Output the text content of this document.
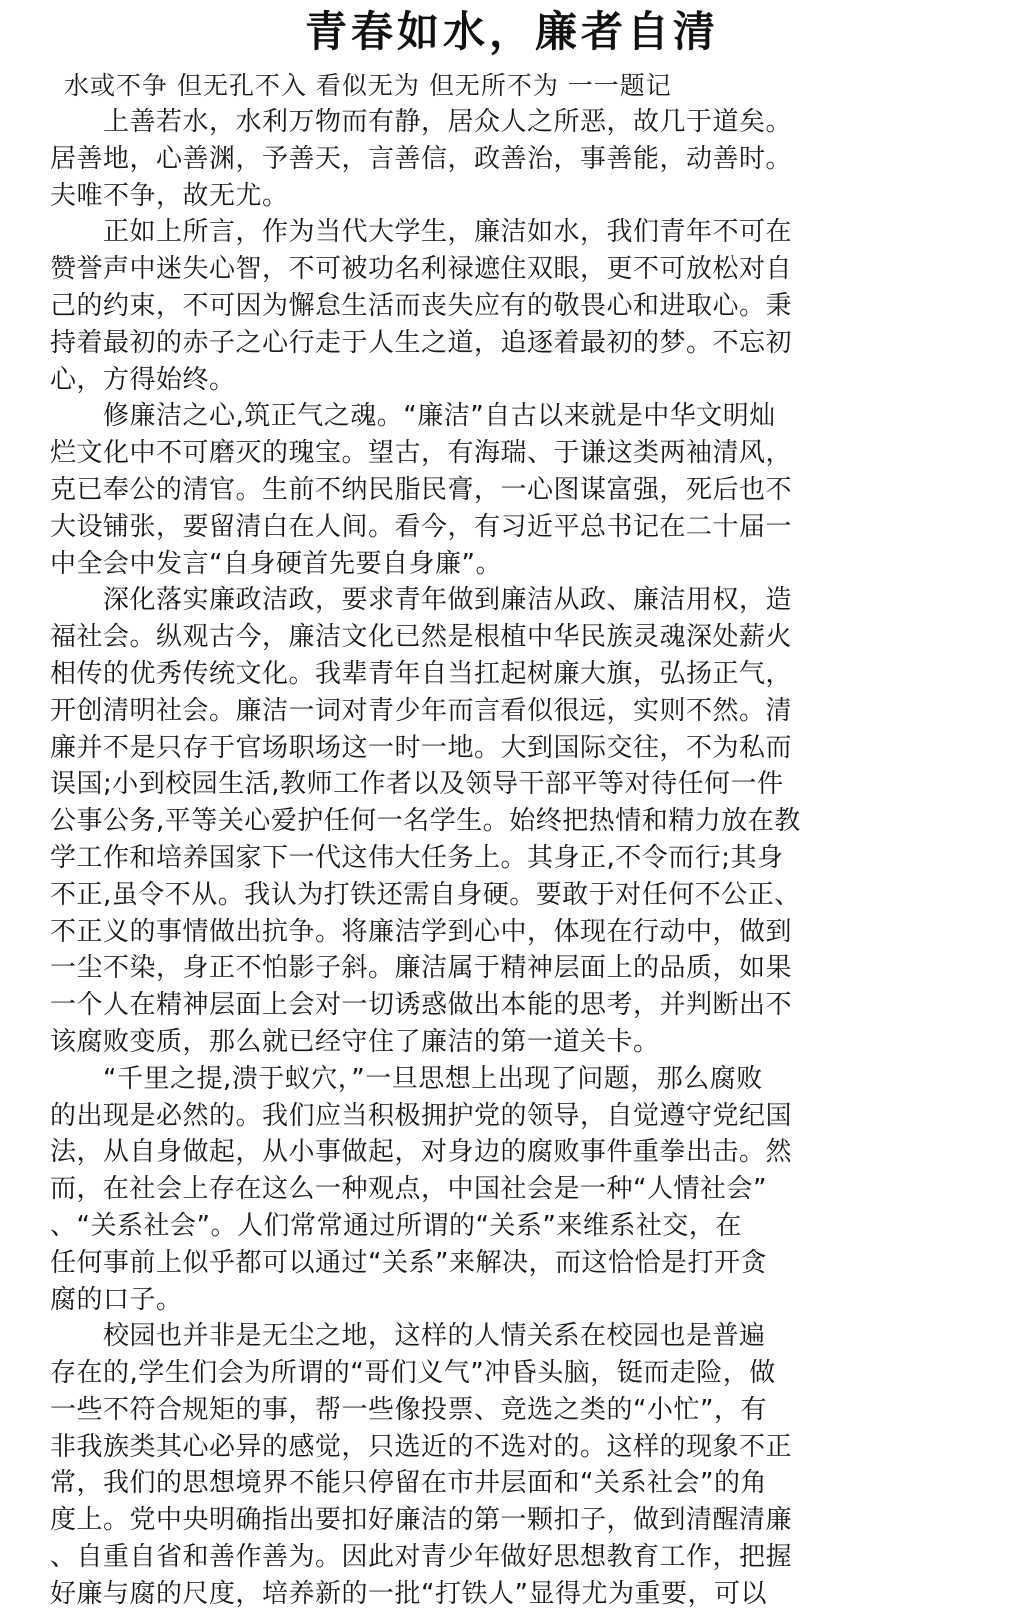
青春如水，廉者自清

水或不争 但无孔不入 看似无为 但无所不为 一一题记

　　上善若水，水利万物而有静，居众人之所恶，故几于道矣。
居善地，心善渊，予善天，言善信，政善治，事善能，动善时。
夫唯不争，故无尤。
　　正如上所言，作为当代大学生，廉洁如水，我们青年不可在
赞誉声中迷失心智，不可被功名利禄遮住双眼，更不可放松对自
己的约束，不可因为懈怠生活而丧失应有的敬畏心和进取心。秉
持着最初的赤子之心行走于人生之道，追逐着最初的梦。不忘初
心，方得始终。
　　修廉洁之心,筑正气之魂。“廉洁”自古以来就是中华文明灿
烂文化中不可磨灭的瑰宝。望古，有海瑞、于谦这类两袖清风，
克已奉公的清官。生前不纳民脂民膏，一心图谋富强，死后也不
大设铺张，要留清白在人间。看今，有习近平总书记在二十届一
中全会中发言“自身硬首先要自身廉”。
　　深化落实廉政洁政，要求青年做到廉洁从政、廉洁用权，造
福社会。纵观古今，廉洁文化已然是根植中华民族灵魂深处薪火
相传的优秀传统文化。我辈青年自当扛起树廉大旗，弘扬正气，
开创清明社会。廉洁一词对青少年而言看似很远，实则不然。清
廉并不是只存于官场职场这一时一地。大到国际交往，不为私而
误国;小到校园生活,教师工作者以及领导干部平等对待任何一件
公事公务,平等关心爱护任何一名学生。始终把热情和精力放在教
学工作和培养国家下一代这伟大任务上。其身正,不令而行;其身
不正,虽令不从。我认为打铁还需自身硬。要敢于对任何不公正、
不正义的事情做出抗争。将廉洁学到心中，体现在行动中，做到
一尘不染，身正不怕影子斜。廉洁属于精神层面上的品质，如果
一个人在精神层面上会对一切诱惑做出本能的思考，并判断出不
该腐败变质，那么就已经守住了廉洁的第一道关卡。
　　“千里之提,溃于蚁穴，”一旦思想上出现了问题，那么腐败
的出现是必然的。我们应当积极拥护党的领导，自觉遵守党纪国
法，从自身做起，从小事做起，对身边的腐败事件重拳出击。然
而，在社会上存在这么一种观点，中国社会是一种“人情社会”
、“关系社会”。人们常常通过所谓的“关系”来维系社交，在
任何事前上似乎都可以通过“关系”来解决，而这恰恰是打开贪
腐的口子。
　　校园也并非是无尘之地，这样的人情关系在校园也是普遍
存在的,学生们会为所谓的“哥们义气”冲昏头脑，铤而走险，做
一些不符合规矩的事，帮一些像投票、竞选之类的“小忙”，有
非我族类其心必异的感觉，只选近的不选对的。这样的现象不正
常，我们的思想境界不能只停留在市井层面和“关系社会”的角
度上。党中央明确指出要扣好廉洁的第一颗扣子，做到清醒清廉
、自重自省和善作善为。因此对青少年做好思想教育工作，把握
好廉与腐的尺度，培养新的一批“打铁人”显得尤为重要，可以
